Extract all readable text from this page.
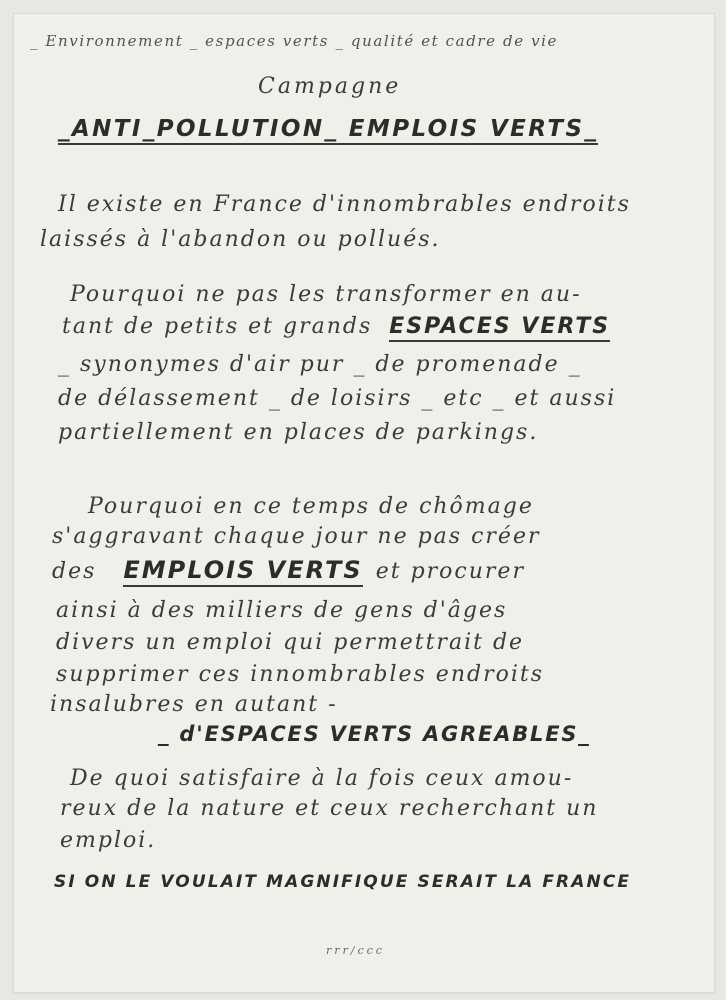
_ Environnement _ espaces verts _ qualité et cadre de vie
Campagne
_ANTI_POLLUTION_ EMPLOIS VERTS_
Il existe en France d'innombrables endroits
laissés à l'abandon ou pollués.
Pourquoi ne pas les transformer en au-
tant de petits et grands ESPACES VERTS
_ synonymes d'air pur _ de promenade _
de délassement _ de loisirs _ etc _ et aussi
partiellement en places de parkings.
Pourquoi en ce temps de chômage
s'aggravant chaque jour ne pas créer
des EMPLOIS VERTS et procurer
ainsi à des milliers de gens d'âges
divers un emploi qui permettrait de
supprimer ces innombrables endroits
insalubres en autant -
_ d'ESPACES VERTS AGREABLES_
De quoi satisfaire à la fois ceux amou-
reux de la nature et ceux recherchant un
emploi.
SI ON LE VOULAIT MAGNIFIQUE SERAIT LA FRANCE
rrr/ccc
